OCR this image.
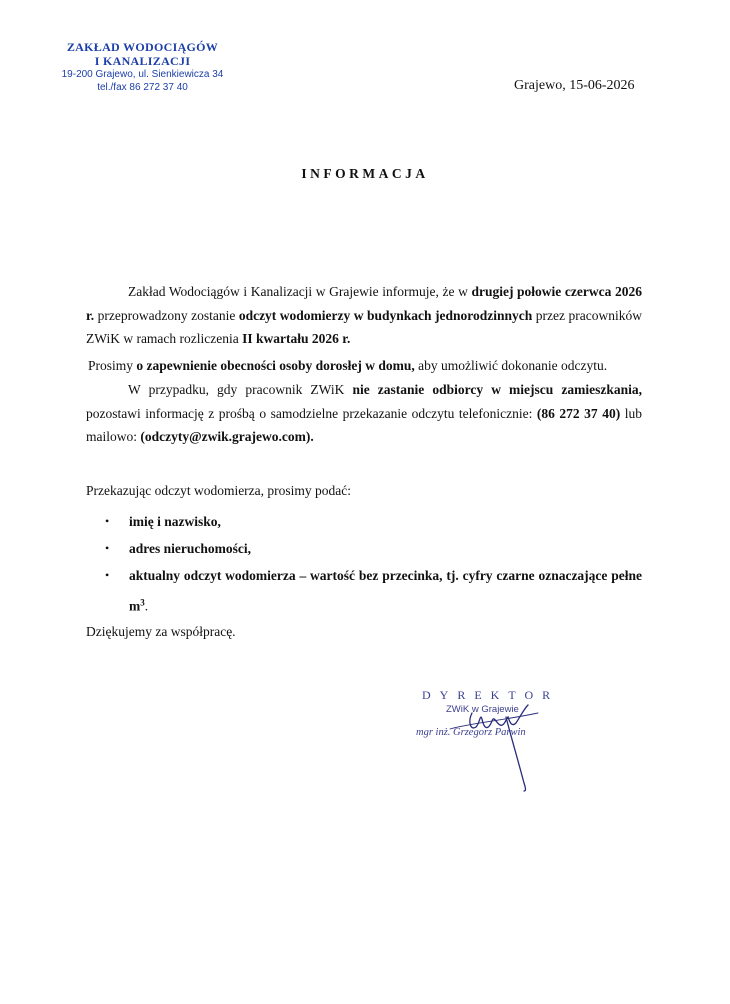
ZAKŁAD WODOCIĄGÓW
I KANALIZACJI
19-200 Grajewo, ul. Sienkiewicza 34
tel./fax 86 272 37 40	Grajewo, 15-06-2026
INFORMACJA
Zakład Wodociągów i Kanalizacji w Grajewie informuje, że w drugiej połowie czerwca 2026 r. przeprowadzony zostanie odczyt wodomierzy w budynkach jednorodzinnych przez pracowników ZWiK w ramach rozliczenia II kwartału 2026 r.
Prosimy o zapewnienie obecności osoby dorosłej w domu, aby umożliwić dokonanie odczytu.
W przypadku, gdy pracownik ZWiK nie zastanie odbiorcy w miejscu zamieszkania, pozostawi informację z prośbą o samodzielne przekazanie odczytu telefonicznie: (86 272 37 40) lub mailowo: (odczyty@zwik.grajewo.com).
Przekazując odczyt wodomierza, prosimy podać:
• imię i nazwisko,
• adres nieruchomości,
• aktualny odczyt wodomierza – wartość bez przecinka, tj. cyfry czarne oznaczające pełne $m^3$.
Dziękujemy za współpracę.
DYREKTOR
ZWiK w Grajewie
mgr inż. Grzegorz Parwin
